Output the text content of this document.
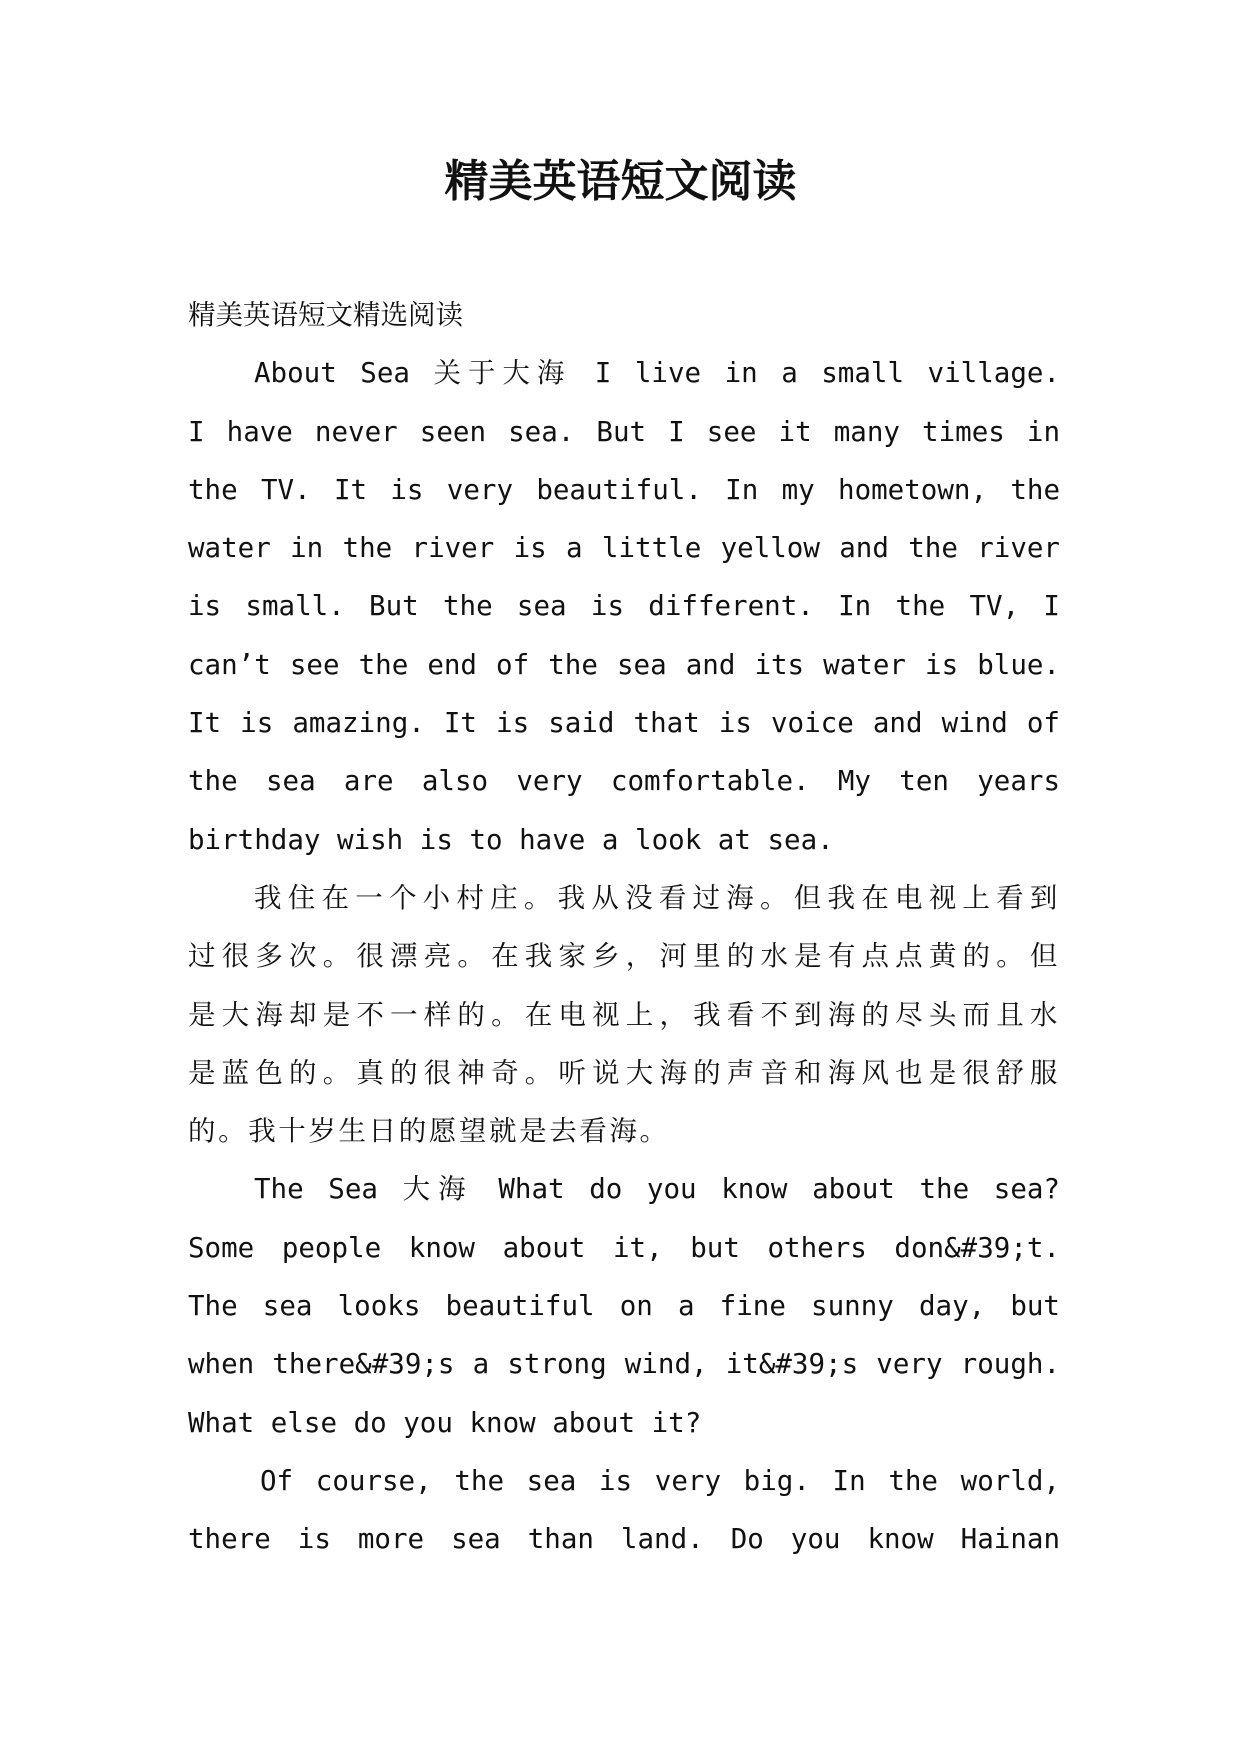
精美英语短文阅读

精美英语短文精选阅读

About Sea 关于大海 I live in a small village.

I have never seen sea. But I see it many times in

the TV. It is very beautiful. In my hometown, the

water in the river is a little yellow and the river

is small. But the sea is different. In the TV, I

can’t see the end of the sea and its water is blue.

It is amazing. It is said that is voice and wind of

the sea are also very comfortable. My ten years

birthday wish is to have a look at sea.

我住在一个小村庄。我从没看过海。但我在电视上看到

过很多次。很漂亮。在我家乡，河里的水是有点点黄的。但

是大海却是不一样的。在电视上，我看不到海的尽头而且水

是蓝色的。真的很神奇。听说大海的声音和海风也是很舒服

的。我十岁生日的愿望就是去看海。

The Sea 大海 What do you know about the sea?

Some people know about it, but others don&#39;t.

The sea looks beautiful on a fine sunny day, but

when there&#39;s a strong wind, it&#39;s very rough.

What else do you know about it?

Of course, the sea is very big. In the world,

there is more sea than land. Do you know Hainan
